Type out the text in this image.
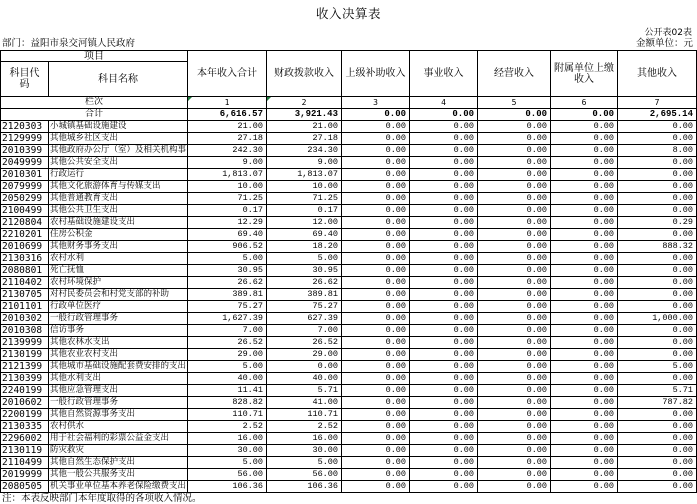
收入决算表
公开表02表
部门：益阳市泉交河镇人民政府	金额单位：元
项目
科目代码	科目名称	本年收入合计	财政拨款收入	上级补助收入	事业收入	经营收入	附属单位上缴收入	其他收入
栏次	1	2	3	4	5	6	7
合计	6,616.57	3,921.43	0.00	0.00	0.00	0.00	2,695.14
2120303 小城镇基础设施建设	21.00	21.00	0.00	0.00	0.00	0.00	0.00
2129999 其他城乡社区支出	27.18	27.18	0.00	0.00	0.00	0.00	0.00
2010399 其他政府办公厅（室）及相关机构事	242.30	234.30	0.00	0.00	0.00	0.00	8.00
2049999 其他公共安全支出	9.00	9.00	0.00	0.00	0.00	0.00	0.00
2010301 行政运行	1,813.07	1,813.07	0.00	0.00	0.00	0.00	0.00
2079999 其他文化旅游体育与传媒支出	10.00	10.00	0.00	0.00	0.00	0.00	0.00
2050299 其他普通教育支出	71.25	71.25	0.00	0.00	0.00	0.00	0.00
2100499 其他公共卫生支出	0.17	0.17	0.00	0.00	0.00	0.00	0.00
2120804 农村基础设施建设支出	12.29	12.00	0.00	0.00	0.00	0.00	0.29
2210201 住房公积金	69.40	69.40	0.00	0.00	0.00	0.00	0.00
2010699 其他财务事务支出	906.52	18.20	0.00	0.00	0.00	0.00	888.32
2130316 农村水利	5.00	5.00	0.00	0.00	0.00	0.00	0.00
2080801 死亡抚恤	30.95	30.95	0.00	0.00	0.00	0.00	0.00
2110402 农村环境保护	26.62	26.62	0.00	0.00	0.00	0.00	0.00
2130705 对村民委员会和村党支部的补助	389.81	389.81	0.00	0.00	0.00	0.00	0.00
2101101 行政单位医疗	75.27	75.27	0.00	0.00	0.00	0.00	0.00
2010302 一般行政管理事务	1,627.39	627.39	0.00	0.00	0.00	0.00	1,000.00
2010308 信访事务	7.00	7.00	0.00	0.00	0.00	0.00	0.00
2139999 其他农林水支出	26.52	26.52	0.00	0.00	0.00	0.00	0.00
2130199 其他农业农村支出	29.00	29.00	0.00	0.00	0.00	0.00	0.00
2121399 其他城市基础设施配套费安排的支出	5.00	0.00	0.00	0.00	0.00	0.00	5.00
2130399 其他水利支出	40.00	40.00	0.00	0.00	0.00	0.00	0.00
2240199 其他应急管理支出	11.41	5.71	0.00	0.00	0.00	0.00	5.71
2010602 一般行政管理事务	828.82	41.00	0.00	0.00	0.00	0.00	787.82
2200199 其他自然资源事务支出	110.71	110.71	0.00	0.00	0.00	0.00	0.00
2130335 农村供水	2.52	2.52	0.00	0.00	0.00	0.00	0.00
2296002 用于社会福利的彩票公益金支出	16.00	16.00	0.00	0.00	0.00	0.00	0.00
2130119 防灾救灾	30.00	30.00	0.00	0.00	0.00	0.00	0.00
2110499 其他自然生态保护支出	5.00	5.00	0.00	0.00	0.00	0.00	0.00
2019999 其他一般公共服务支出	56.00	56.00	0.00	0.00	0.00	0.00	0.00
2080505 机关事业单位基本养老保险缴费支出	106.36	106.36	0.00	0.00	0.00	0.00	0.00
注：本表反映部门本年度取得的各项收入情况。
